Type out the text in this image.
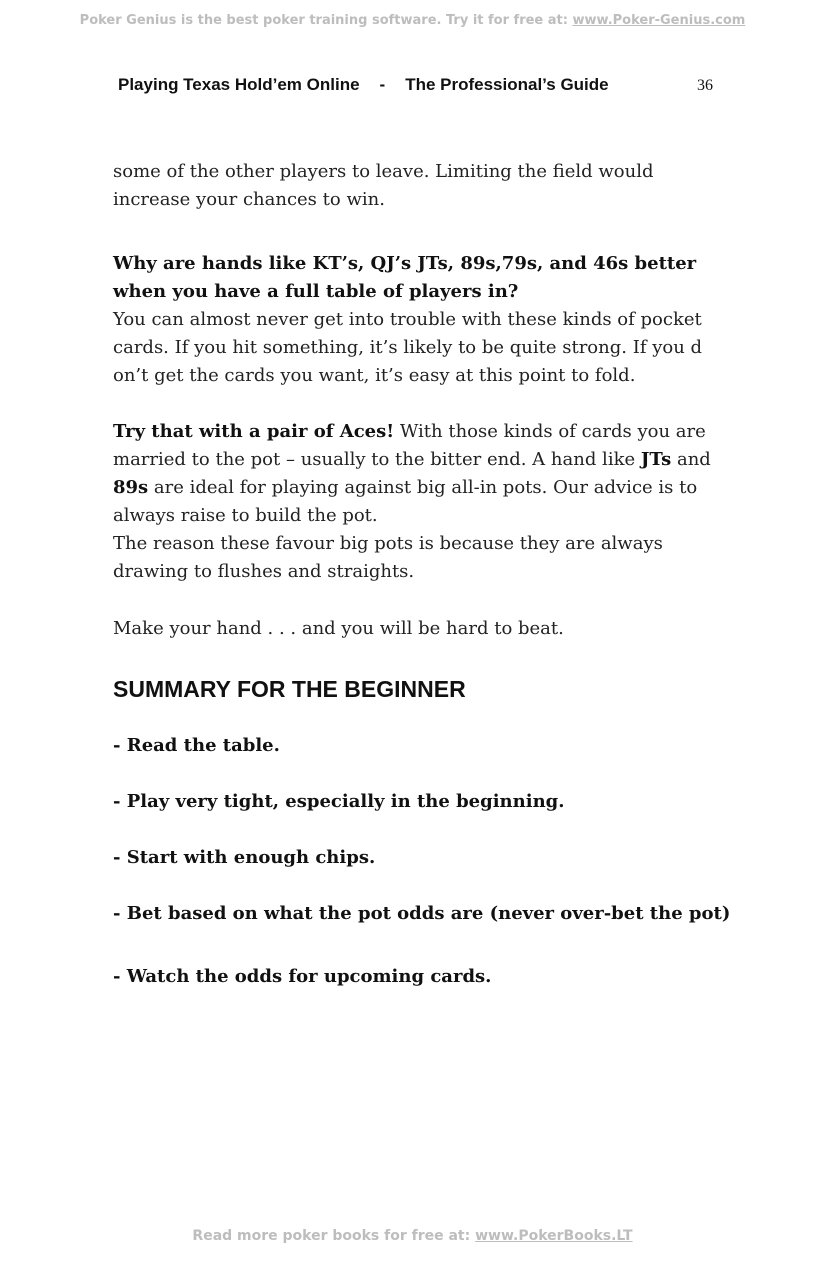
Poker Genius is the best poker training software. Try it for free at: www.Poker-Genius.com
Playing Texas Hold’em Online - The Professional’s Guide	36

some of the other players to leave. Limiting the field would increase your chances to win.

Why are hands like KT’s, QJ’s JTs, 89s,79s, and 46s better when you have a full table of players in?

You can almost never get into trouble with these kinds of pocket cards. If you hit something, it’s likely to be quite strong. If you d on’t get the cards you want, it’s easy at this point to fold.

Try that with a pair of Aces! With those kinds of cards you are married to the pot – usually to the bitter end. A hand like JTs and 89s are ideal for playing against big all-in pots. Our advice is to always raise to build the pot.

The reason these favour big pots is because they are always drawing to flushes and straights.

Make your hand . . . and you will be hard to beat.

SUMMARY FOR THE BEGINNER
- Read the table.
- Play very tight, especially in the beginning.
- Start with enough chips.
- Bet based on what the pot odds are (never over-bet the pot)
- Watch the odds for upcoming cards.
Read more poker books for free at: www.PokerBooks.LT
